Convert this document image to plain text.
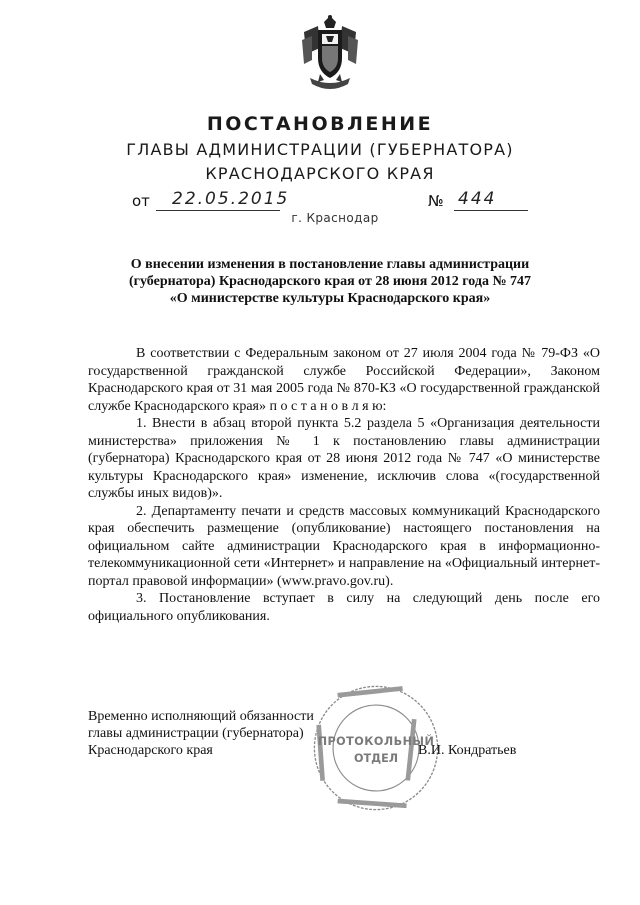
ПОСТАНОВЛЕНИЕ
ГЛАВЫ АДМИНИСТРАЦИИ (ГУБЕРНАТОРА)
КРАСНОДАРСКОГО КРАЯ
от 22.05.2015	№ 444
г. Краснодар
О внесении изменения в постановление главы администрации
(губернатора) Краснодарского края от 28 июня 2012 года № 747
«О министерстве культуры Краснодарского края»

В соответствии с Федеральным законом от 27 июля 2004 года № 79-ФЗ «О государственной гражданской службе Российской Федерации», Законом Краснодарского края от 31 мая 2005 года № 870-КЗ «О государственной гражданской службе Краснодарского края» п о с т а н о в л я ю:

1. Внести в абзац второй пункта 5.2 раздела 5 «Организация деятельности министерства» приложения № 1 к постановлению главы администрации (губернатора) Краснодарского края от 28 июня 2012 года № 747 «О министерстве культуры Краснодарского края» изменение, исключив слова «(государственной службы иных видов)».

2. Департаменту печати и средств массовых коммуникаций Краснодарского края обеспечить размещение (опубликование) настоящего постановления на официальном сайте администрации Краснодарского края в информационно-телекоммуникационной сети «Интернет» и направление на «Официальный интернет-портал правовой информации» (www.pravo.gov.ru).

3. Постановление вступает в силу на следующий день после его официального опубликования.

Временно исполняющий обязанности
главы администрации (губернатора)
Краснодарского края
ПРОТОКОЛЬНЫЙ
ОТДЕЛ
В.И. Кондратьев
